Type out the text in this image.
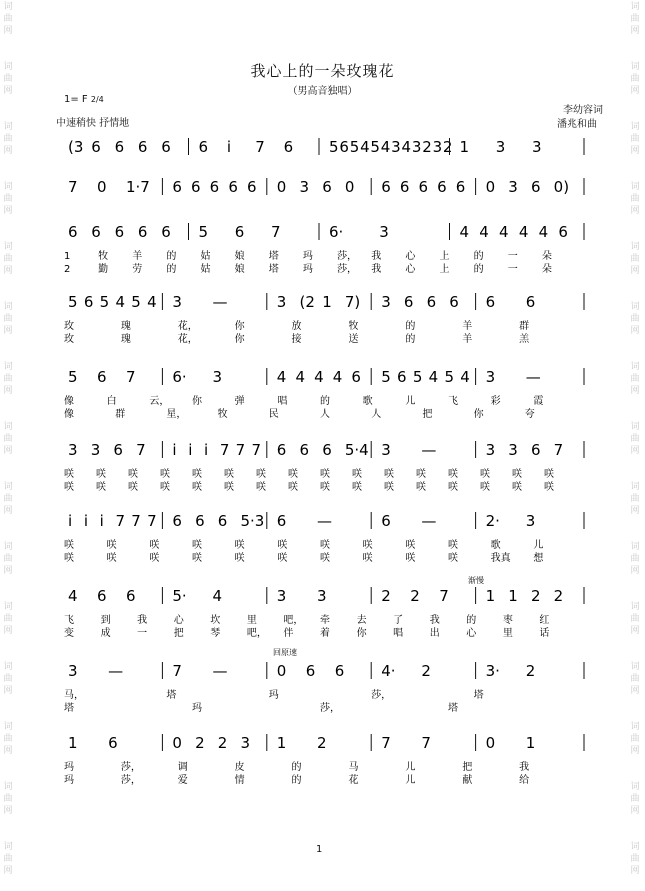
词
曲
网
词
曲
网
词
曲
网
词
曲
网
词
曲
网
词
曲
网
词
曲
网
词
曲
网
词
曲
网
词
曲
网
词
曲
网
词
曲
网
词
曲
网
词
曲
网
词
曲
网
词
曲
网
词
曲
网
词
曲
网
词
曲
网
词
曲
网
词
曲
网
词
曲
网
词
曲
网
词
曲
网
词
曲
网
词
曲
网
词
曲
网
词
曲
网
词
曲
网
词
曲
网
我心上的一朵玫瑰花
（男高音独唱）
1= F 2/4
中速稍快 抒情地
李幼容词
潘兆和曲
渐慢
回原速
(3 6 6 6 6 6 i 7 6 5 6 5 4 5 4 3 4 3 2 3 2 1 3 3
7 0 1·7 6 6 6 6 6 0 3 6 0 6 6 6 6 6 0 3 6 0)
6 6 6 6 6 5 6 7	6· 3	4 4 4 4 4 6
1	牧 羊 的 姑 娘 塔 玛 莎， 我 心 上 的 一 朵
2	勤 劳 的 姑 娘 塔 玛 莎， 我 心 上 的 一 朵
5 6 5 4 5 4 3 —	3 (2 1 7) 3 6 6 6 6 6
玫	瑰	花，	你	放	牧	的	羊	群
玫	瑰	花，	你	接	送	的	羊	羔
5 6 7 6· 3	4 4 4 4 6 5 6 5 4 5 4 3 —
像	白	云， 你	弹	唱	的	歌	儿	飞	彩	霞
像	群	星，	牧	民	人	人	把	你	夸
3 3 6 7 i i i 7 7 7 6 6 6 5·4 3 —	3 3 6 7
咲 咲 咲 咲 咲 咲 咲 咲 咲 咲 咲 咲 咲 咲 咲 咲
咲 咲 咲 咲 咲 咲 咲 咲 咲 咲 咲 咲 咲 咲 咲 咲
i i i 7 7 7 6 6 6 5·3 6 —	6 —	2· 3
咲	咲	咲	咲	咲	咲	咲	咲	咲	咲	歌	儿
咲	咲	咲	咲	咲	咲	咲	咲	咲	咲	我真 想
4 6 6 5· 4	3 3	2 2 7 1 1 2 2
飞	到	我	心	坎	里	吧， 牵	去	了	我	的	枣	红
变	成	一	把	琴	吧， 伴	着	你	唱	出	心	里	话
3 —	7 —	0 6 6 4· 2	3· 2
马，	塔	玛	莎，	塔
塔	玛	莎，	塔
1 6	0 2 2 3 1 2	7 7	0 1
玛	莎，	调	皮	的	马	儿	把	我
玛	莎，	爱	情	的	花	儿	献	给
1
